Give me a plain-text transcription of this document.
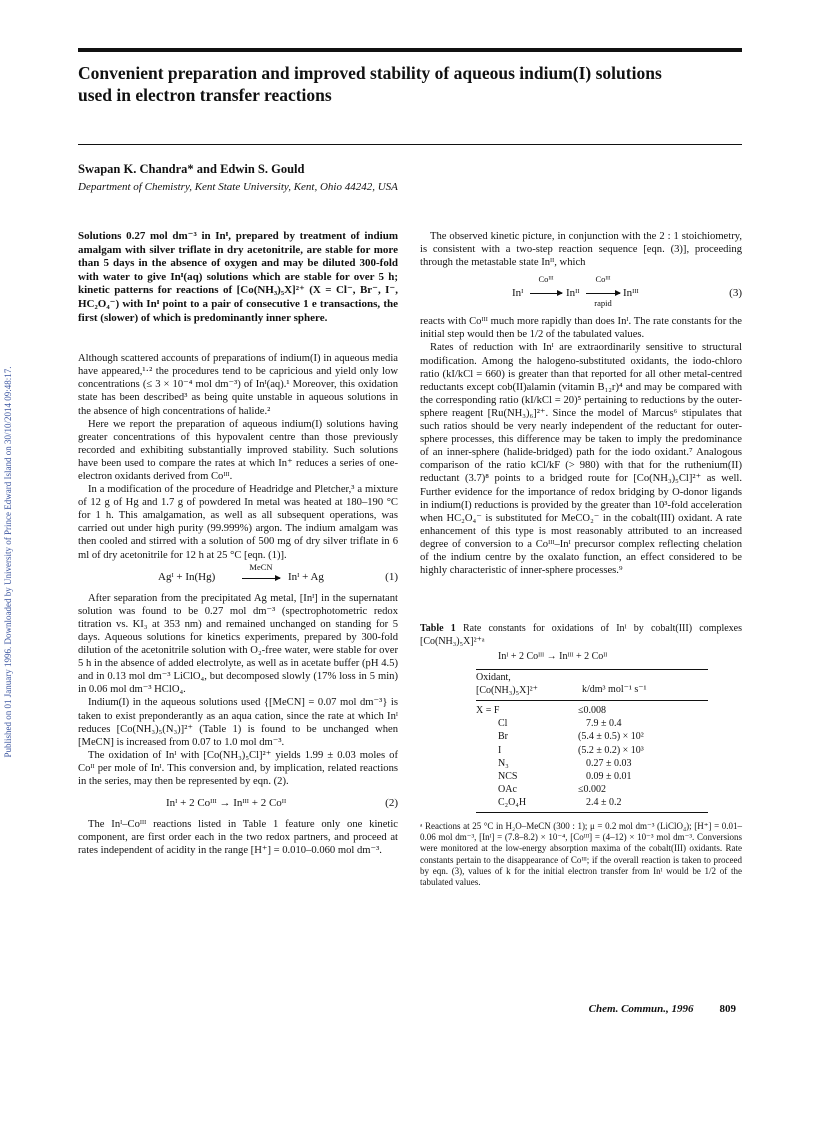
Published on 01 January 1996. Downloaded by University of Prince Edward Island on 30/10/2014 09:48:17.
Convenient preparation and improved stability of aqueous indium(I) solutions
used in electron transfer reactions
Swapan K. Chandra* and Edwin S. Gould
Department of Chemistry, Kent State University, Kent, Ohio 44242, USA
Solutions 0.27 mol dm⁻³ in Inᴵ, prepared by treatment of indium amalgam with silver triflate in dry acetonitrile, are stable for more than 5 days in the absence of oxygen and may be diluted 300-fold with water to give Inᴵ(aq) solutions which are stable for over 5 h; kinetic patterns for reactions of [Co(NH₃)₅X]²⁺ (X = Cl⁻, Br⁻, I⁻, HC₂O₄⁻) with Inᴵ point to a pair of consecutive 1 e transactions, the first (slower) of which is predominantly inner sphere.

Although scattered accounts of preparations of indium(I) in aqueous media have appeared,¹·² the procedures tend to be capricious and yield only low concentrations (≤ 3 × 10⁻⁴ mol dm⁻³) of Inᴵ(aq).¹ Moreover, this oxidation state has been described³ as being quite unstable in aqueous solutions in the absence of high concentrations of halide.²

Here we report the preparation of aqueous indium(I) solutions having greater concentrations of this hypovalent centre than those previously recorded and exhibiting substantially improved stability. Such solutions have been used to compare the rates at which In⁺ reduces a series of one-electron oxidants derived from Coᴵᴵᴵ.

In a modification of the procedure of Headridge and Pletcher,³ a mixture of 12 g of Hg and 1.7 g of powdered In metal was heated at 180–190 °C for 1 h. This amalgamation, as well as all subsequent operations, was carried out under high purity (99.999%) argon. The indium amalgam was then cooled and stirred with a solution of 500 mg of dry silver triflate in 6 ml of dry acetonitrile for 12 h at 25 °C [eqn. (1)].

Agᴵ + In(Hg)
MeCN
→ Inᴵ + Ag	(1)

After separation from the precipitated Ag metal, [Inᴵ] in the supernatant solution was found to be 0.27 mol dm⁻³ (spectrophotometric redox titration vs. KI₃ at 353 nm) and remained unchanged on standing for 5 days. Aqueous solutions for kinetics experiments, prepared by 300-fold dilution of the acetonitrile solution with O₂-free water, were stable for over 5 h in the absence of added electrolyte, as well as in acetate buffer (pH 4.5) and in 0.13 mol dm⁻³ LiClO₄, but decomposed slowly (17% loss in 5 min) in 0.06 mol dm⁻³ HClO₄.

Indium(I) in the aqueous solutions used {[MeCN] = 0.07 mol dm⁻³} is taken to exist preponderantly as an aqua cation, since the rate at which Inᴵ reduces [Co(NH₃)₅(N₃)]²⁺ (Table 1) is found to be unchanged when [MeCN] is increased from 0.07 to 1.0 mol dm⁻³.

The oxidation of Inᴵ with [Co(NH₃)₅Cl]²⁺ yields 1.99 ± 0.03 moles of Coᴵᴵ per mole of Inᴵ. This conversion and, by implication, related reactions in the series, may then be represented by eqn. (2).

Inᴵ + 2 Coᴵᴵᴵ → Inᴵᴵᴵ + 2 Coᴵᴵ	(2)

The Inᴵ–Coᴵᴵᴵ reactions listed in Table 1 feature only one kinetic component, are first order each in the two redox partners, and proceed at rates independent of acidity in the range [H⁺] = 0.010–0.060 mol dm⁻³.

The observed kinetic picture, in conjunction with the 2 : 1 stoichiometry, is consistent with a two-step reaction sequence [eqn. (3)], proceeding through the metastable state Inᴵᴵ, which

Inᴵ
Coᴵᴵᴵ
→ Inᴵᴵ
Coᴵᴵᴵ
rapid
Inᴵᴵᴵ	(3)

reacts with Coᴵᴵᴵ much more rapidly than does Inᴵ. The rate constants for the initial step would then be 1/2 of the tabulated values.

Rates of reduction with Inᴵ are extraordinarily sensitive to structural modification. Among the halogeno-substituted oxidants, the iodo-chloro ratio (kI/kCl = 660) is greater than that reported for all other metal-centred reductants except cob(II)alamin (vitamin B₁₂r)⁴ and may be compared with the corresponding ratio (kI/kCl = 20)⁵ pertaining to reductions by the outer-sphere reagent [Ru(NH₃)₆]²⁺. Since the model of Marcus⁶ stipulates that such ratios should be very nearly independent of the reductant for outer-sphere processes, this difference may be taken to imply the predominance of an inner-sphere (halide-bridged) path for the iodo oxidant.⁷ Analogous comparison of the ratio kCl/kF (> 980) with that for the ruthenium(II) reductant (3.7)⁸ points to a bridged route for [Co(NH₃)₅Cl]²⁺ as well. Further evidence for the importance of redox bridging by O-donor ligands in indium(I) reductions is provided by the greater than 10³-fold acceleration when HC₂O₄⁻ is substituted for MeCO₂⁻ in the cobalt(III) oxidant. A rate enhancement of this type is most reasonably attributed to an increased degree of conversion to a Coᴵᴵᴵ–Inᴵ precursor complex reflecting chelation of the indium centre by the oxalato function, an effect considered to be highly characteristic of inner-sphere processes.⁹

Table 1 Rate constants for oxidations of Inᴵ by cobalt(III) complexes [Co(NH₃)₅X]²⁺ᵃ
Inᴵ + 2 Coᴵᴵᴵ → Inᴵᴵᴵ + 2 Coᴵᴵ
Oxidant,
[Co(NH₃)₅X]²⁺	k/dm³ mol⁻¹ s⁻¹
X = F	≤0.008
Cl	7.9 ± 0.4
Br	(5.4 ± 0.5) × 10²
I	(5.2 ± 0.2) × 10³
N₃	0.27 ± 0.03
NCS	0.09 ± 0.01
OAc	≤0.002
C₂O₄H	2.4 ± 0.2
ᵃ Reactions at 25 °C in H₂O–MeCN (300 : 1); μ = 0.2 mol dm⁻³ (LiClO₄); [H⁺] = 0.01–0.06 mol dm⁻³, [Inᴵ] = (7.8–8.2) × 10⁻⁴, [Coᴵᴵᴵ] = (4–12) × 10⁻³ mol dm⁻³. Conversions were monitored at the low-energy absorption maxima of the cobalt(III) oxidants. Rate constants pertain to the disappearance of Coᴵᴵᴵ; if the overall reaction is taken to proceed by eqn. (3), values of k for the initial electron transfer from Inᴵ would be 1/2 of the tabulated values.
Chem. Commun., 1996 809
